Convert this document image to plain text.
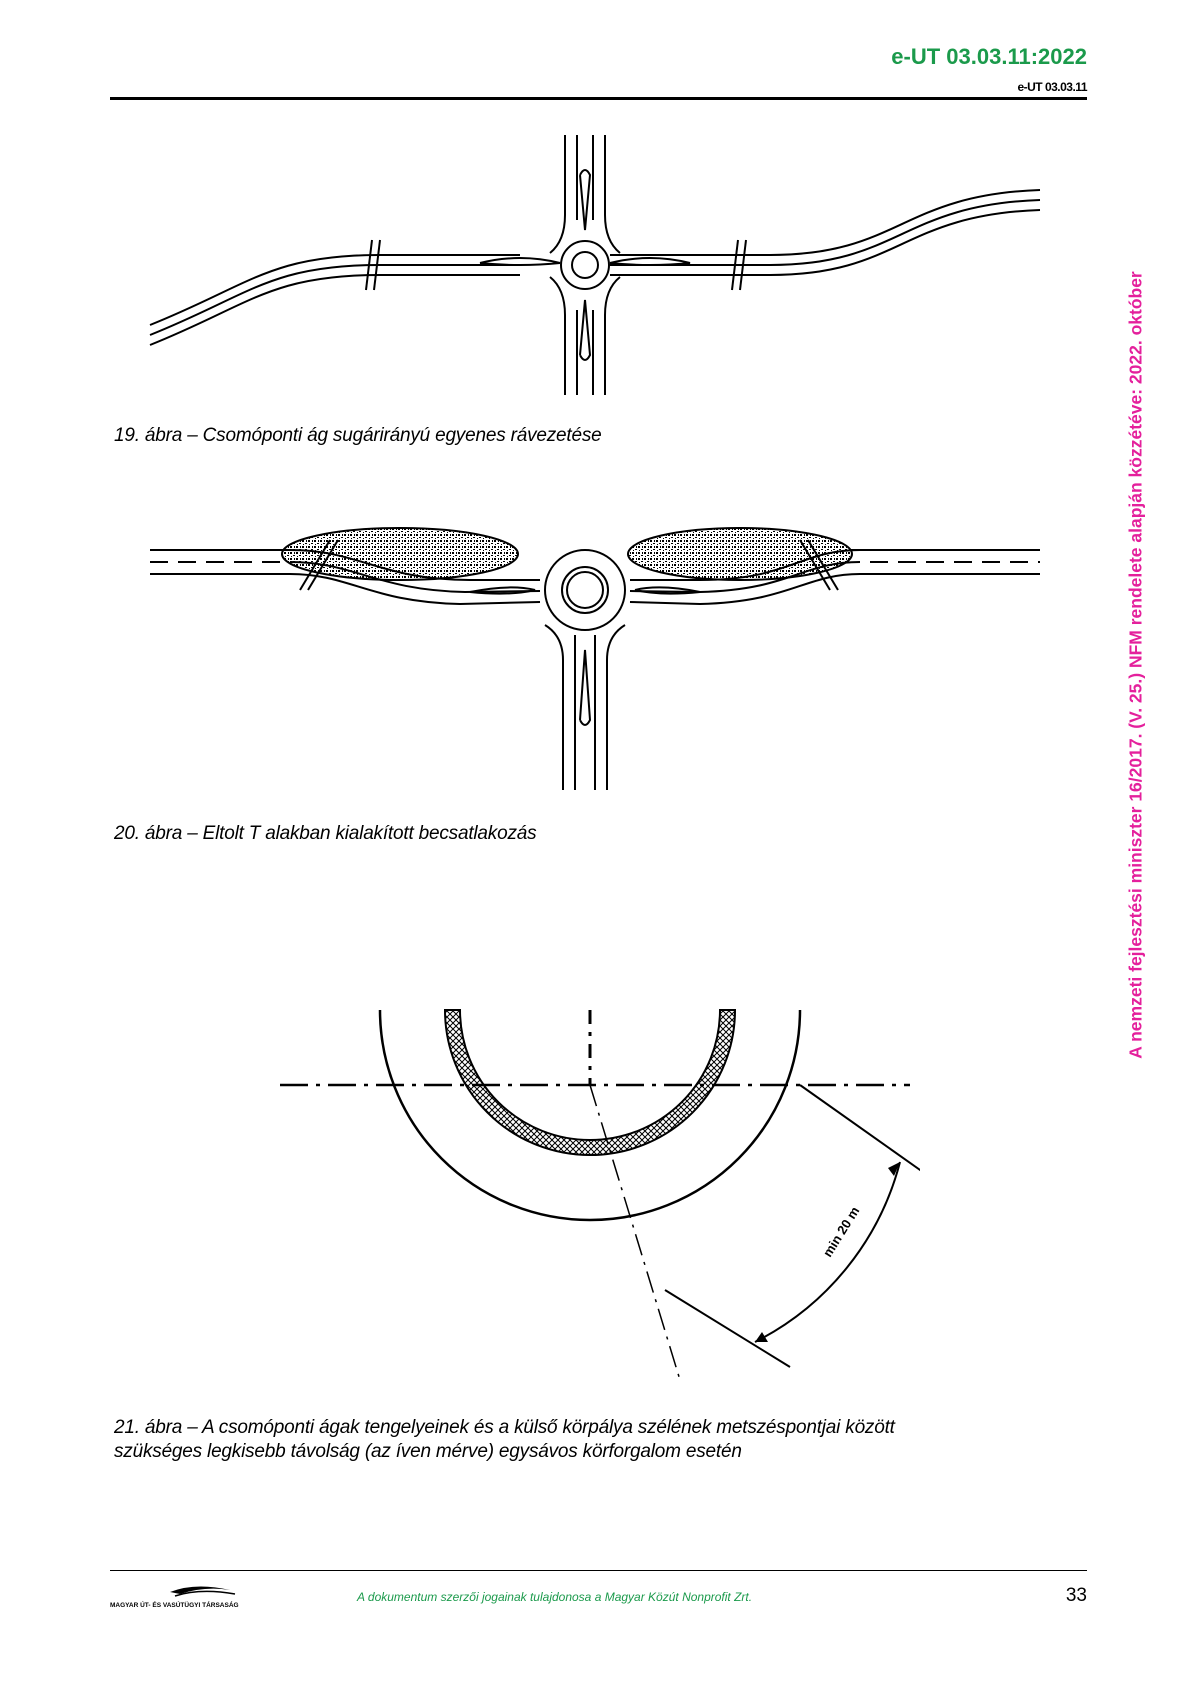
e-UT 03.03.11:2022
e-UT 03.03.11
A nemzeti fejlesztési miniszter 16/2017. (V. 25.) NFM rendelete alapján közzétéve: 2022. október
19. ábra – Csomóponti ág sugárirányú egyenes rávezetése
20. ábra – Eltolt T alakban kialakított becsatlakozás
min 20 m
21. ábra – A csomóponti ágak tengelyeinek és a külső körpálya szélének metszéspontjai között
szükséges legkisebb távolság (az íven mérve) egysávos körforgalom esetén
MAGYAR ÚT- ÉS VASÚTÜGYI TÁRSASÁG
A dokumentum szerzői jogainak tulajdonosa a Magyar Közút Nonprofit Zrt.	33
